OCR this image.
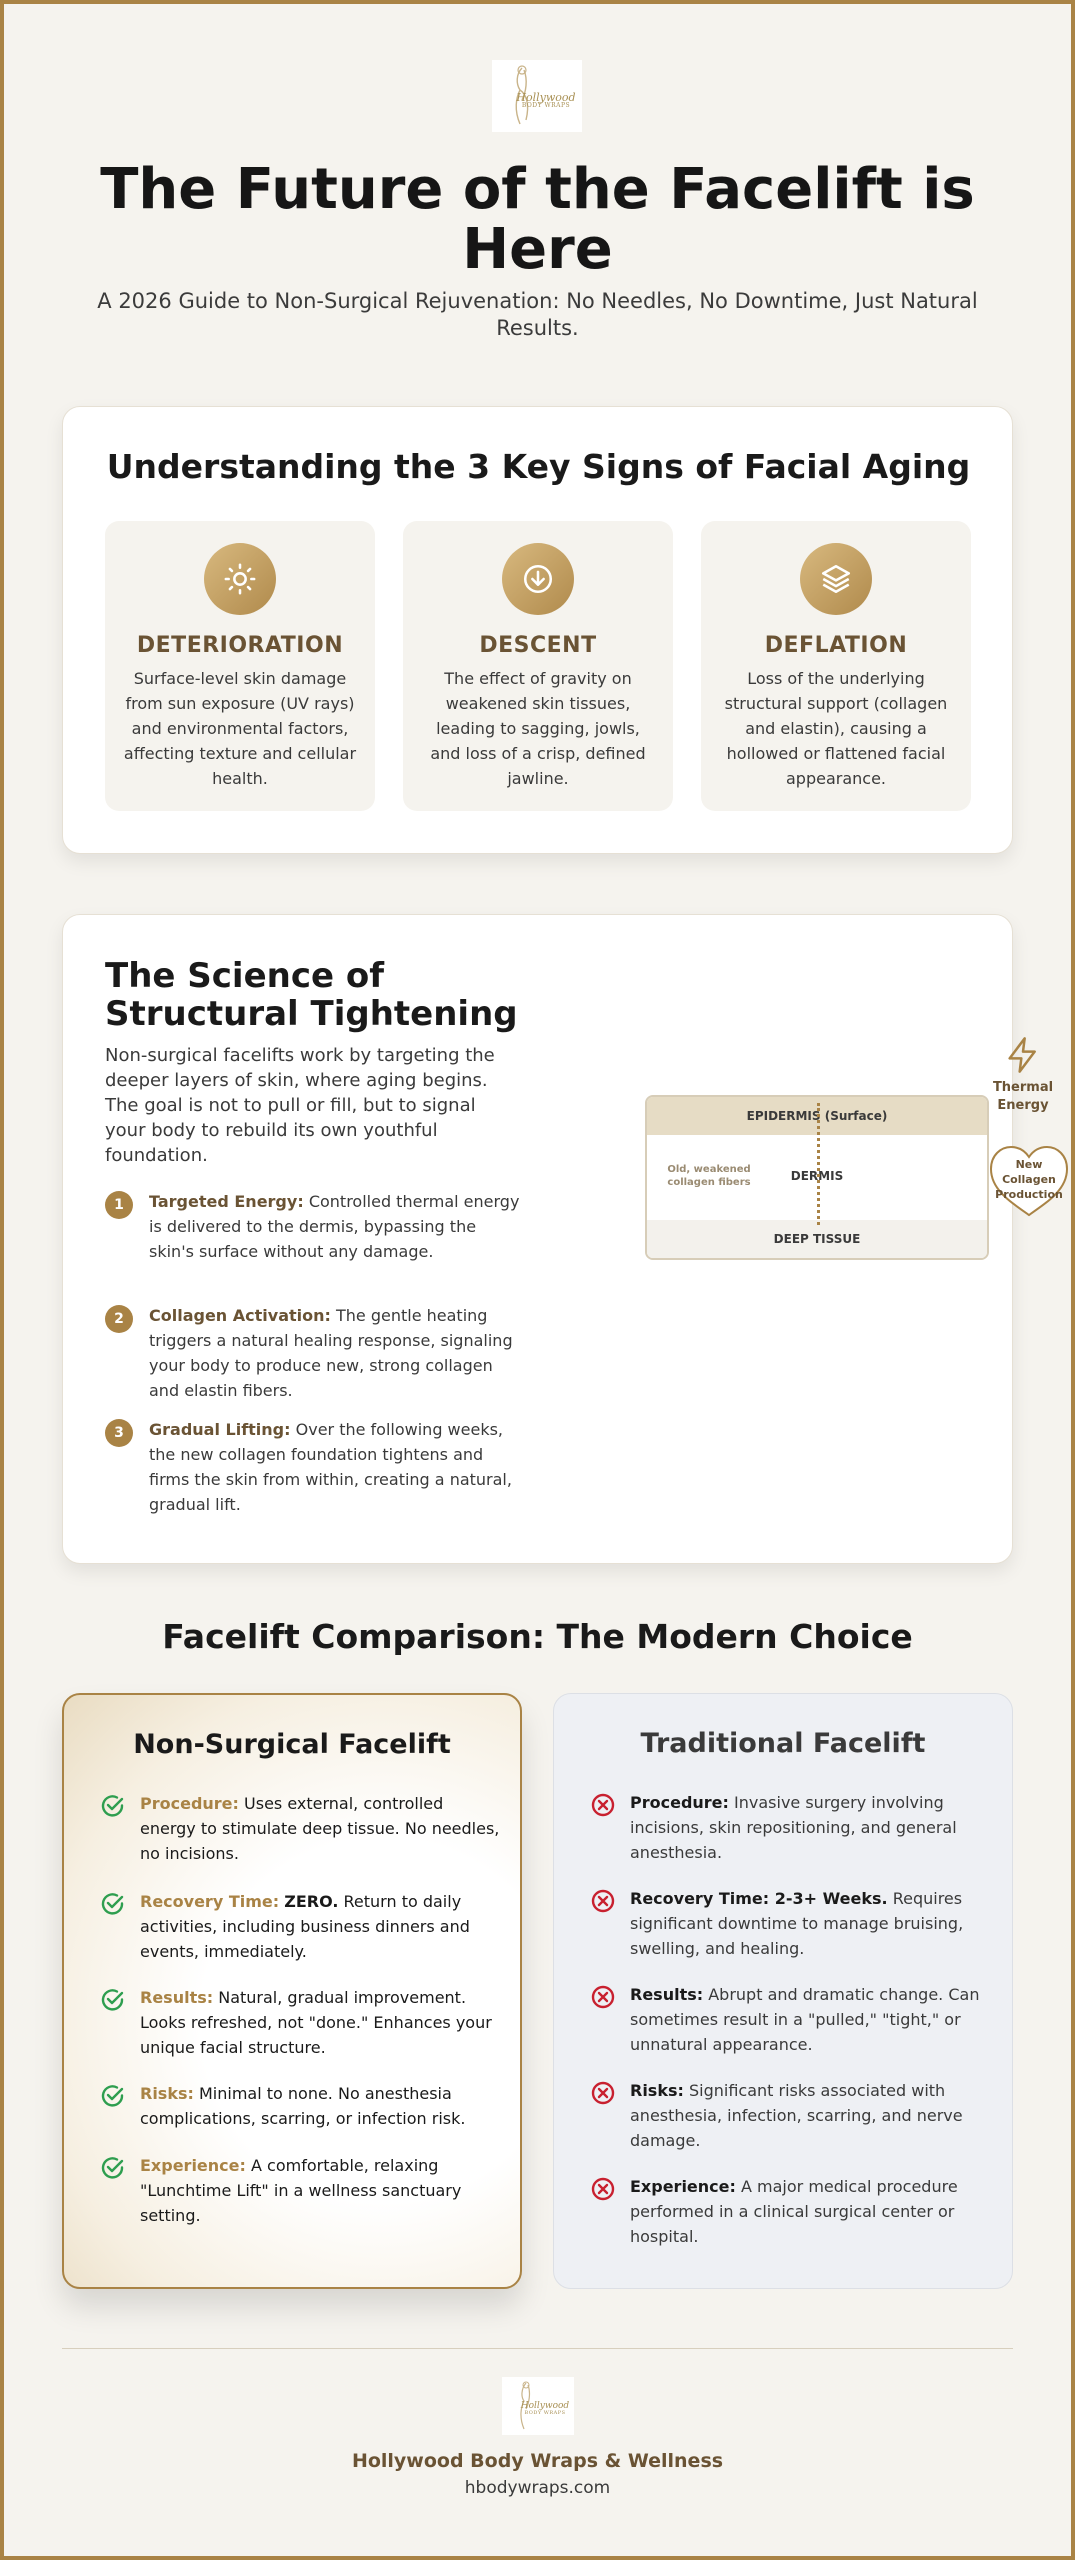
Hollywood
BODY WRAPS
The Future of the Facelift is Here

A 2026 Guide to Non-Surgical Rejuvenation: No Needles, No Downtime, Just Natural Results.

Understanding the 3 Key Signs of Facial Aging
DETERIORATION

Surface-level skin damage from sun exposure (UV rays) and environmental factors, affecting texture and cellular health.

DESCENT

The effect of gravity on weakened skin tissues, leading to sagging, jowls, and loss of a crisp, defined jawline.

DEFLATION

Loss of the underlying structural support (collagen and elastin), causing a hollowed or flattened facial appearance.

The Science of Structural Tightening

Non-surgical facelifts work by targeting the deeper layers of skin, where aging begins. The goal is not to pull or fill, but to signal your body to rebuild its own youthful foundation.

1	Targeted Energy: Controlled thermal energy is delivered to the dermis, bypassing the skin's surface without any damage.

2	Collagen Activation: The gentle heating triggers a natural healing response, signaling your body to produce new, strong collagen and elastin fibers.

3	Gradual Lifting: Over the following weeks, the new collagen foundation tightens and firms the skin from within, creating a natural, gradual lift.

EPIDERMIS (Surface)
Old, weakened collagen fibers	DERMIS
DEEP TISSUE
Thermal Energy
New Collagen Production
Facelift Comparison: The Modern Choice
Non-Surgical Facelift

Procedure: Uses external, controlled energy to stimulate deep tissue. No needles, no incisions.

Recovery Time: ZERO. Return to daily activities, including business dinners and events, immediately.

Results: Natural, gradual improvement. Looks refreshed, not "done." Enhances your unique facial structure.

Risks: Minimal to none. No anesthesia complications, scarring, or infection risk.

Experience: A comfortable, relaxing "Lunchtime Lift" in a wellness sanctuary setting.

Traditional Facelift

Procedure: Invasive surgery involving incisions, skin repositioning, and general anesthesia.

Recovery Time: 2-3+ Weeks. Requires significant downtime to manage bruising, swelling, and healing.

Results: Abrupt and dramatic change. Can sometimes result in a "pulled," "tight," or unnatural appearance.

Risks: Significant risks associated with anesthesia, infection, scarring, and nerve damage.

Experience: A major medical procedure performed in a clinical surgical center or hospital.

Hollywood
BODY WRAPS
Hollywood Body Wraps & Wellness
hbodywraps.com
